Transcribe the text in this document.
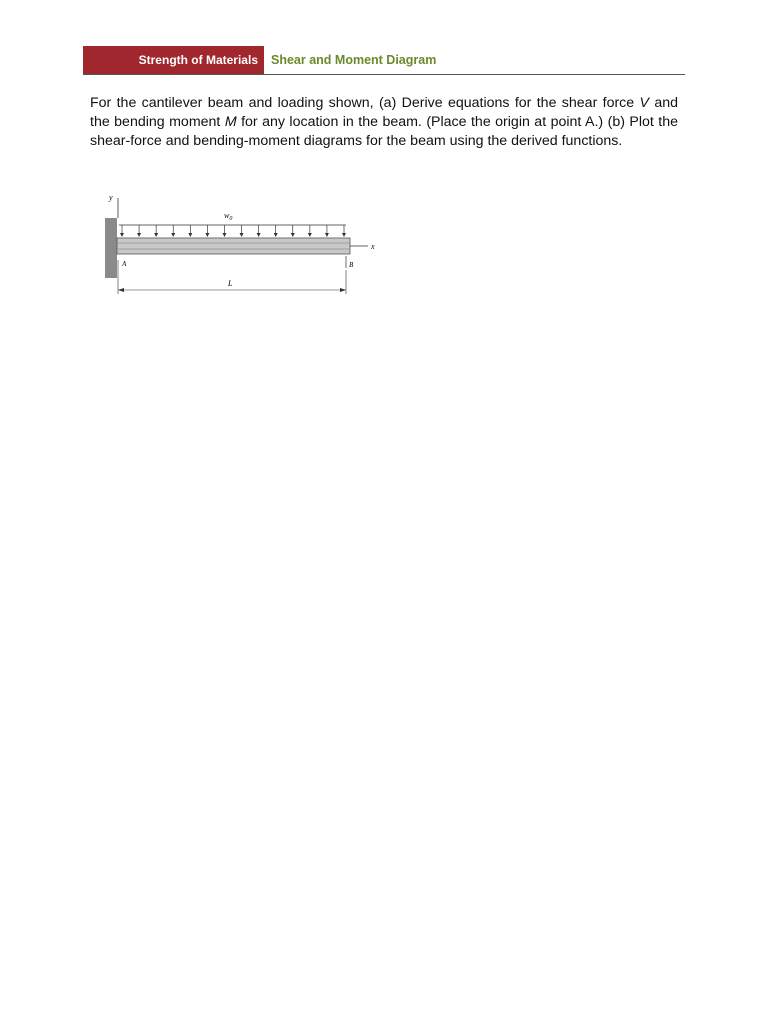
Strength of Materials	Shear and Moment Diagram

For the cantilever beam and loading shown, (a) Derive equations for the shear force V and the bending moment M for any location in the beam. (Place the origin at point A.) (b) Plot the shear-force and bending-moment diagrams for the beam using the derived functions.

y
x
$w_0$
A	B
L
